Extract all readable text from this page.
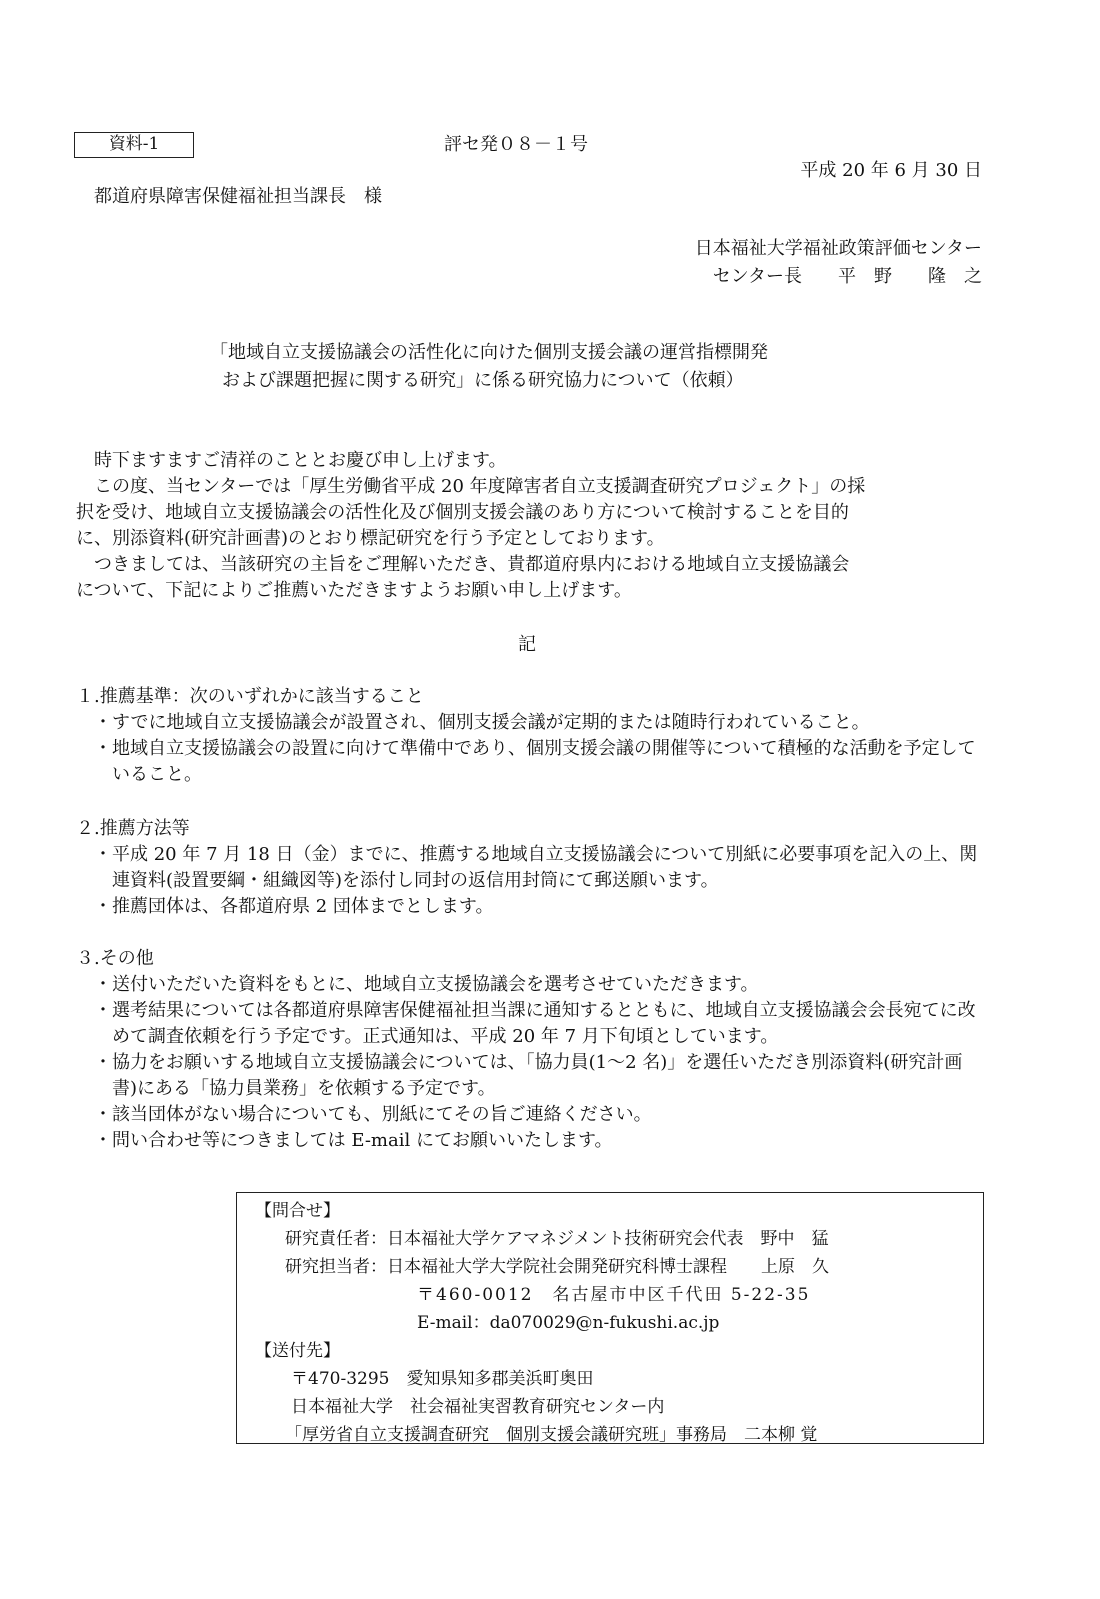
資料-1	評セ発０８－１号
平成 20 年 6 月 30 日
都道府県障害保健福祉担当課長　様
日本福祉大学福祉政策評価センター
センター長　　平　野　　隆　之
「地域自立支援協議会の活性化に向けた個別支援会議の運営指標開発
および課題把握に関する研究」に係る研究協力について（依頼）
　時下ますますご清祥のこととお慶び申し上げます。
　この度、当センターでは「厚生労働省平成 20 年度障害者自立支援調査研究プロジェクト」の採
択を受け、地域自立支援協議会の活性化及び個別支援会議のあり方について検討することを目的
に、別添資料(研究計画書)のとおり標記研究を行う予定としております。
　つきましては、当該研究の主旨をご理解いただき、貴都道府県内における地域自立支援協議会
について、下記によりご推薦いただきますようお願い申し上げます。
記
１.推薦基準：次のいずれかに該当すること
・すでに地域自立支援協議会が設置され、個別支援会議が定期的または随時行われていること。
・地域自立支援協議会の設置に向けて準備中であり、個別支援会議の開催等について積極的な活動を予定していること。
２.推薦方法等
・平成 20 年 7 月 18 日（金）までに、推薦する地域自立支援協議会について別紙に必要事項を記入の上、関連資料(設置要綱・組織図等)を添付し同封の返信用封筒にて郵送願います。
・推薦団体は、各都道府県 2 団体までとします。
３.その他
・送付いただいた資料をもとに、地域自立支援協議会を選考させていただきます。
・選考結果については各都道府県障害保健福祉担当課に通知するとともに、地域自立支援協議会会長宛てに改めて調査依頼を行う予定です。正式通知は、平成 20 年 7 月下旬頃としています。
・協力をお願いする地域自立支援協議会については、「協力員(1～2 名)」を選任いただき別添資料(研究計画書)にある「協力員業務」を依頼する予定です。
・該当団体がない場合についても、別紙にてその旨ご連絡ください。
・問い合わせ等につきましては E-mail にてお願いいたします。
【問合せ】
研究責任者：日本福祉大学ケアマネジメント技術研究会代表　野中　猛
研究担当者：日本福祉大学大学院社会開発研究科博士課程　　上原　久
〒460-0012　名古屋市中区千代田 5-22-35
E-mail：da070029@n-fukushi.ac.jp
【送付先】
〒470-3295　愛知県知多郡美浜町奥田
日本福祉大学　社会福祉実習教育研究センター内
「厚労省自立支援調査研究　個別支援会議研究班」事務局　二本柳 覚
